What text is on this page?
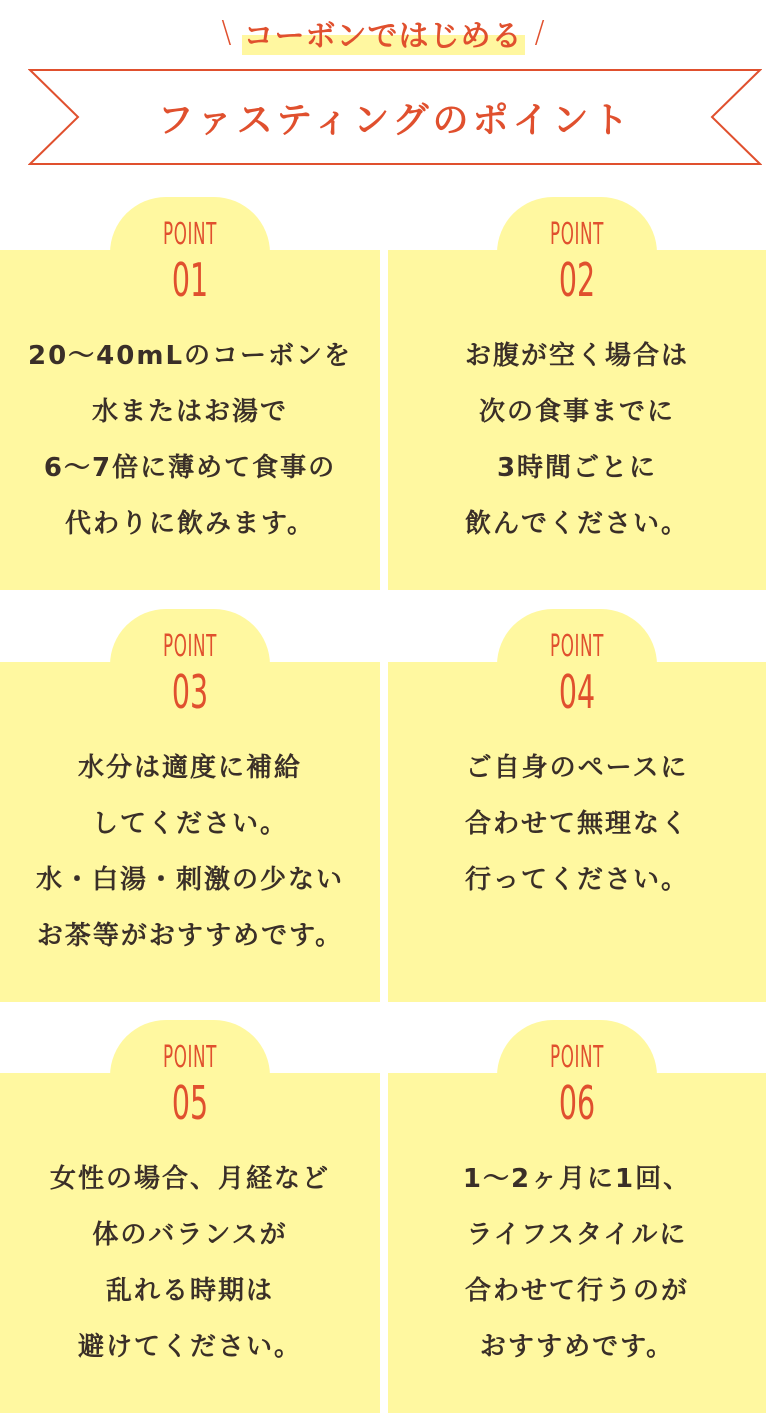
\ コーボンではじめる /
ファスティングのポイント
POINT
01
20～40mLのコーボンを
水またはお湯で
6～7倍に薄めて食事の
代わりに飲みます。
POINT
02
お腹が空く場合は
次の食事までに
3時間ごとに
飲んでください。
POINT
03
水分は適度に補給
してください。
水・白湯・刺激の少ない
お茶等がおすすめです。
POINT
04
ご自身のペースに
合わせて無理なく
行ってください。
POINT
05
女性の場合、月経など
体のバランスが
乱れる時期は
避けてください。
POINT
06
1～2ヶ月に1回、
ライフスタイルに
合わせて行うのが
おすすめです。
